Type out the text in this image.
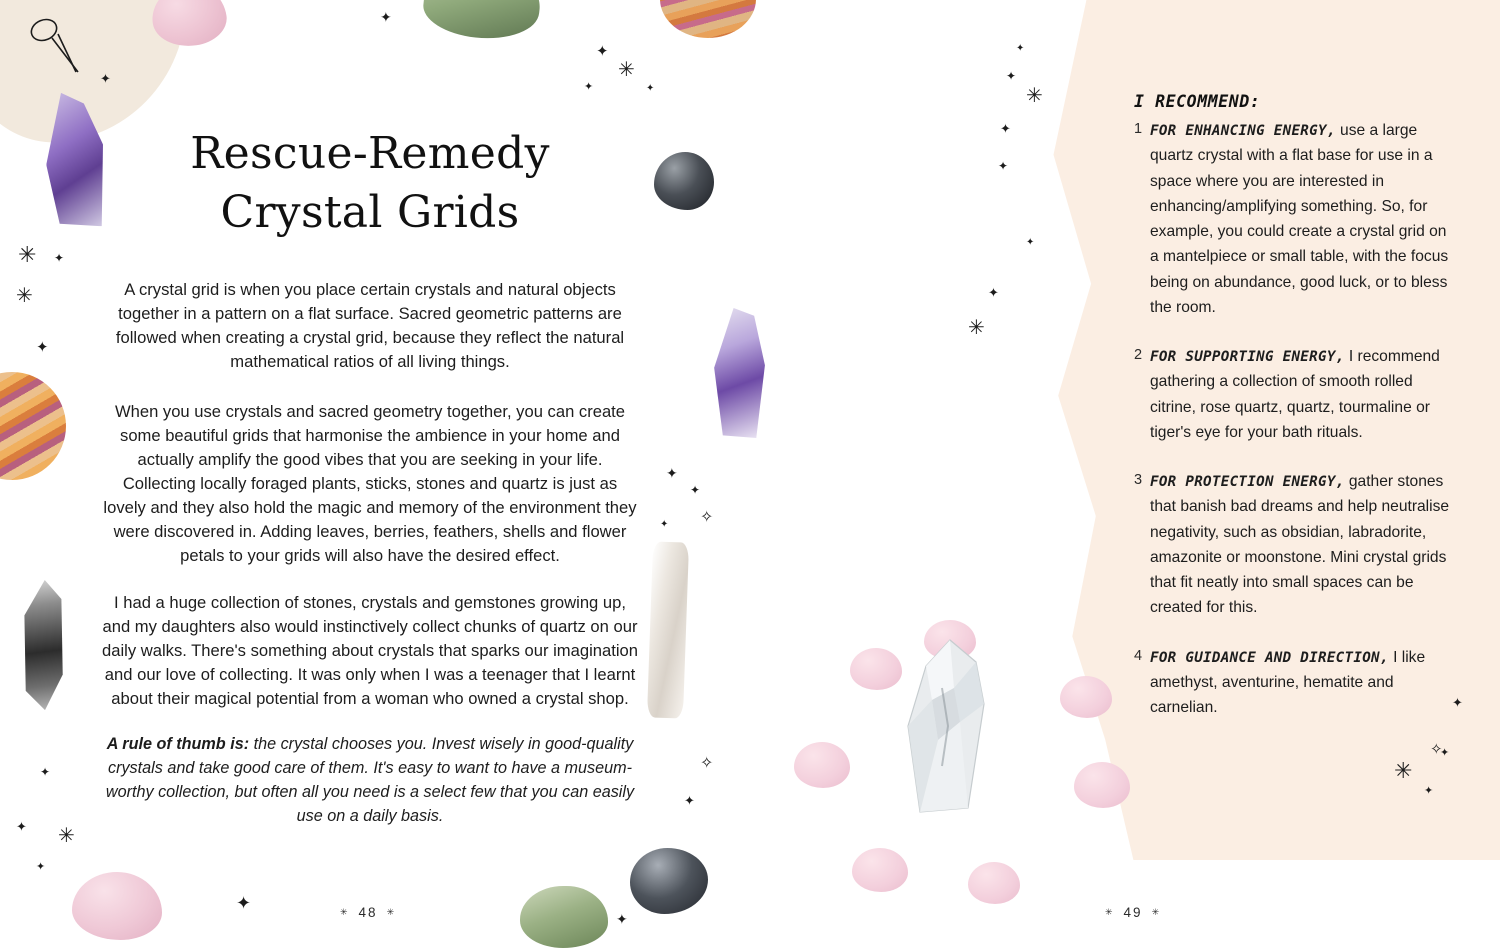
✦
✦
✦
✳
✦	✦
✳ ✦
✳
✦
✦
✦
✧
✦
✧
✦
✦
✦ ✳
✦
✦
✦
✦
✦
✳
✦
✦
✦
✳
✦
✦
✧
✦
✳
✦
Rescue-Remedy
Crystal Grids

A crystal grid is when you place certain crystals and natural objects together in a pattern on a flat surface. Sacred geometric patterns are followed when creating a crystal grid, because they reflect the natural mathematical ratios of all living things.

When you use crystals and sacred geometry together, you can create some beautiful grids that harmonise the ambience in your home and actually amplify the good vibes that you are seeking in your life. Collecting locally foraged plants, sticks, stones and quartz is just as lovely and they also hold the magic and memory of the environment they were discovered in. Adding leaves, berries, feathers, shells and flower petals to your grids will also have the desired effect.

I had a huge collection of stones, crystals and gemstones growing up, and my daughters also would instinctively collect chunks of quartz on our daily walks. There's something about crystals that sparks our imagination and our love of collecting. It was only when I was a teenager that I learnt about their magical potential from a woman who owned a crystal shop.

A rule of thumb is: the crystal chooses you. Invest wisely in good-quality crystals and take good care of them. It's easy to want to have a museum-worthy collection, but often all you need is a select few that you can easily use on a daily basis.

✳ 48 ✳
I RECOMMEND:
1 FOR ENHANCING ENERGY, use a large quartz crystal with a flat base for use in a space where you are interested in enhancing/amplifying something. So, for example, you could create a crystal grid on a mantelpiece or small table, with the focus being on abundance, good luck, or to bless the room.
2 FOR SUPPORTING ENERGY, I recommend gathering a collection of smooth rolled citrine, rose quartz, quartz, tourmaline or tiger's eye for your bath rituals.
3 FOR PROTECTION ENERGY, gather stones that banish bad dreams and help neutralise negativity, such as obsidian, labradorite, amazonite or moonstone. Mini crystal grids that fit neatly into small spaces can be created for this.
4 FOR GUIDANCE AND DIRECTION, I like amethyst, aventurine, hematite and carnelian.
✳ 49 ✳
